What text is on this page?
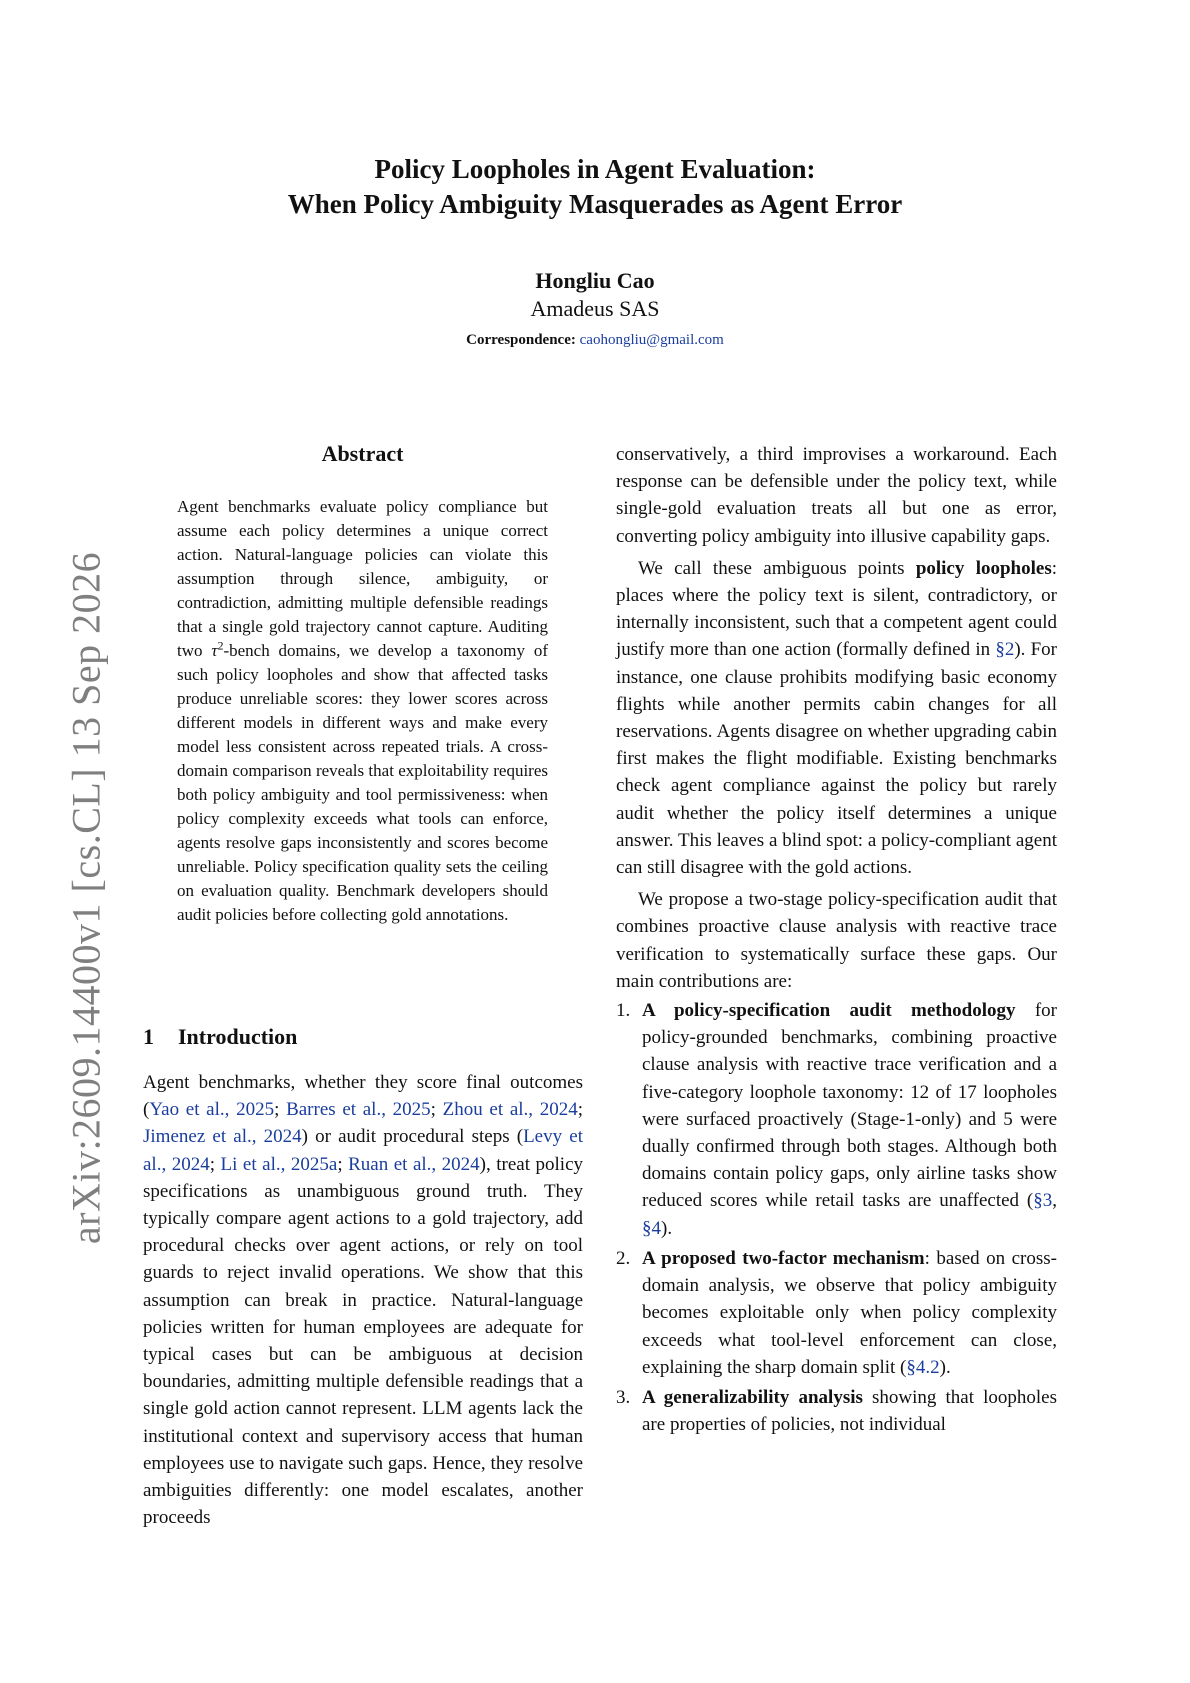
arXiv:2609.14400v1 [cs.CL] 13 Sep 2026
Policy Loopholes in Agent Evaluation:
When Policy Ambiguity Masquerades as Agent Error
Hongliu Cao
Amadeus SAS
Correspondence: caohongliu@gmail.com
Abstract
Agent benchmarks evaluate policy compliance but assume each policy determines a unique correct action. Natural-language policies can violate this assumption through silence, ambiguity, or contradiction, admitting multiple defensible readings that a single gold trajectory cannot capture. Auditing two $\tau^2$-bench domains, we develop a taxonomy of such policy loopholes and show that affected tasks produce unreliable scores: they lower scores across different models in different ways and make every model less consistent across repeated trials. A cross-domain comparison reveals that exploitability requires both policy ambiguity and tool permissiveness: when policy complexity exceeds what tools can enforce, agents resolve gaps inconsistently and scores become unreliable. Policy specification quality sets the ceiling on evaluation quality. Benchmark developers should audit policies before collecting gold annotations.
1 Introduction

Agent benchmarks, whether they score final outcomes (Yao et al., 2025; Barres et al., 2025; Zhou et al., 2024; Jimenez et al., 2024) or audit procedural steps (Levy et al., 2024; Li et al., 2025a; Ruan et al., 2024), treat policy specifications as unambiguous ground truth. They typically compare agent actions to a gold trajectory, add procedural checks over agent actions, or rely on tool guards to reject invalid operations. We show that this assumption can break in practice. Natural-language policies written for human employees are adequate for typical cases but can be ambiguous at decision boundaries, admitting multiple defensible readings that a single gold action cannot represent. LLM agents lack the institutional context and supervisory access that human employees use to navigate such gaps. Hence, they resolve ambiguities differently: one model escalates, another proceeds

conservatively, a third improvises a workaround. Each response can be defensible under the policy text, while single-gold evaluation treats all but one as error, converting policy ambiguity into illusive capability gaps.

We call these ambiguous points policy loopholes: places where the policy text is silent, contradictory, or internally inconsistent, such that a competent agent could justify more than one action (formally defined in §2). For instance, one clause prohibits modifying basic economy flights while another permits cabin changes for all reservations. Agents disagree on whether upgrading cabin first makes the flight modifiable. Existing benchmarks check agent compliance against the policy but rarely audit whether the policy itself determines a unique answer. This leaves a blind spot: a policy-compliant agent can still disagree with the gold actions.

We propose a two-stage policy-specification audit that combines proactive clause analysis with reactive trace verification to systematically surface these gaps. Our main contributions are:

1. A policy-specification audit methodology for policy-grounded benchmarks, combining proactive clause analysis with reactive trace verification and a five-category loophole taxonomy: 12 of 17 loopholes were surfaced proactively (Stage-1-only) and 5 were dually confirmed through both stages. Although both domains contain policy gaps, only airline tasks show reduced scores while retail tasks are unaffected (§3, §4).
2. A proposed two-factor mechanism: based on cross-domain analysis, we observe that policy ambiguity becomes exploitable only when policy complexity exceeds what tool-level enforcement can close, explaining the sharp domain split (§4.2).
3. A generalizability analysis showing that loopholes are properties of policies, not individual
